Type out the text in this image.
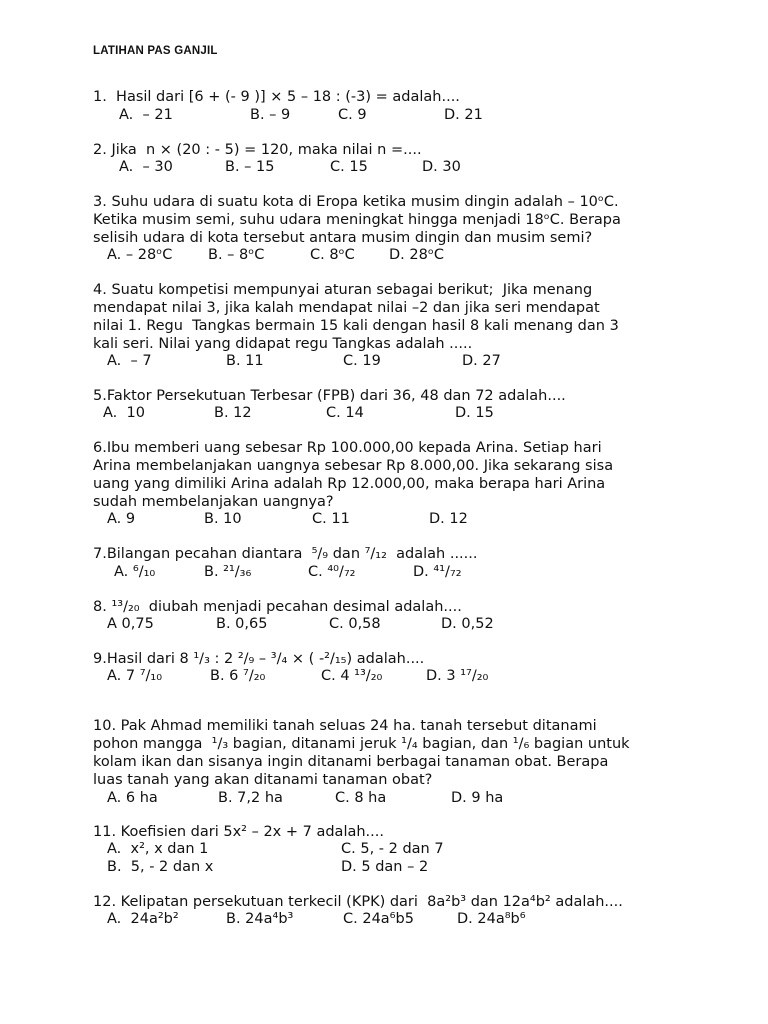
LATIHAN PAS GANJIL
1.  Hasil dari [6 + (- 9 )] × 5 – 18 : (-3) = adalah....
A.  – 21	B. – 9	C. 9	D. 21
2. Jika  n × (20 : - 5) = 120, maka nilai n =....
A.  – 30	B. – 15	C. 15	D. 30
3. Suhu udara di suatu kota di Eropa ketika musim dingin adalah – 10ᵒC.
Ketika musim semi, suhu udara meningkat hingga menjadi 18ᵒC. Berapa
selisih udara di kota tersebut antara musim dingin dan musim semi?
A. – 28ᵒC B. – 8ᵒC	C. 8ᵒC D. 28ᵒC
4. Suatu kompetisi mempunyai aturan sebagai berikut;  Jika menang
mendapat nilai 3, jika kalah mendapat nilai –2 dan jika seri mendapat
nilai 1. Regu  Tangkas bermain 15 kali dengan hasil 8 kali menang dan 3
kali seri. Nilai yang didapat regu Tangkas adalah .....
A.  – 7	B. 11	C. 19	D. 27
5.Faktor Persekutuan Terbesar (FPB) dari 36, 48 dan 72 adalah....
A.  10	B. 12	C. 14	D. 15
6.Ibu memberi uang sebesar Rp 100.000,00 kepada Arina. Setiap hari
Arina membelanjakan uangnya sebesar Rp 8.000,00. Jika sekarang sisa
uang yang dimiliki Arina adalah Rp 12.000,00, maka berapa hari Arina
sudah membelanjakan uangnya?
A. 9	B. 10	C. 11	D. 12
7.Bilangan pecahan diantara  ⁵/₉ dan ⁷/₁₂  adalah ......
A. ⁶/₁₀	B. ²¹/₃₆	C. ⁴⁰/₇₂	D. ⁴¹/₇₂
8. ¹³/₂₀  diubah menjadi pecahan desimal adalah....
A 0,75	B. 0,65	C. 0,58	D. 0,52
9.Hasil dari 8 ¹/₃ : 2 ²/₉ – ³/₄ × ( -²/₁₅) adalah....
A. 7 ⁷/₁₀	B. 6 ⁷/₂₀	C. 4 ¹³/₂₀	D. 3 ¹⁷/₂₀
10. Pak Ahmad memiliki tanah seluas 24 ha. tanah tersebut ditanami
pohon mangga  ¹/₃ bagian, ditanami jeruk ¹/₄ bagian, dan ¹/₆ bagian untuk
kolam ikan dan sisanya ingin ditanami berbagai tanaman obat. Berapa
luas tanah yang akan ditanami tanaman obat?
A. 6 ha	B. 7,2 ha	C. 8 ha	D. 9 ha
11. Koefisien dari 5x² – 2x + 7 adalah....
A.  x², x dan 1	C. 5, - 2 dan 7
B.  5, - 2 dan x	D. 5 dan – 2
12. Kelipatan persekutuan terkecil (KPK) dari  8a²b³ dan 12a⁴b² adalah....
A.  24a²b²	B. 24a⁴b³	C. 24a⁶b5	D. 24a⁸b⁶
